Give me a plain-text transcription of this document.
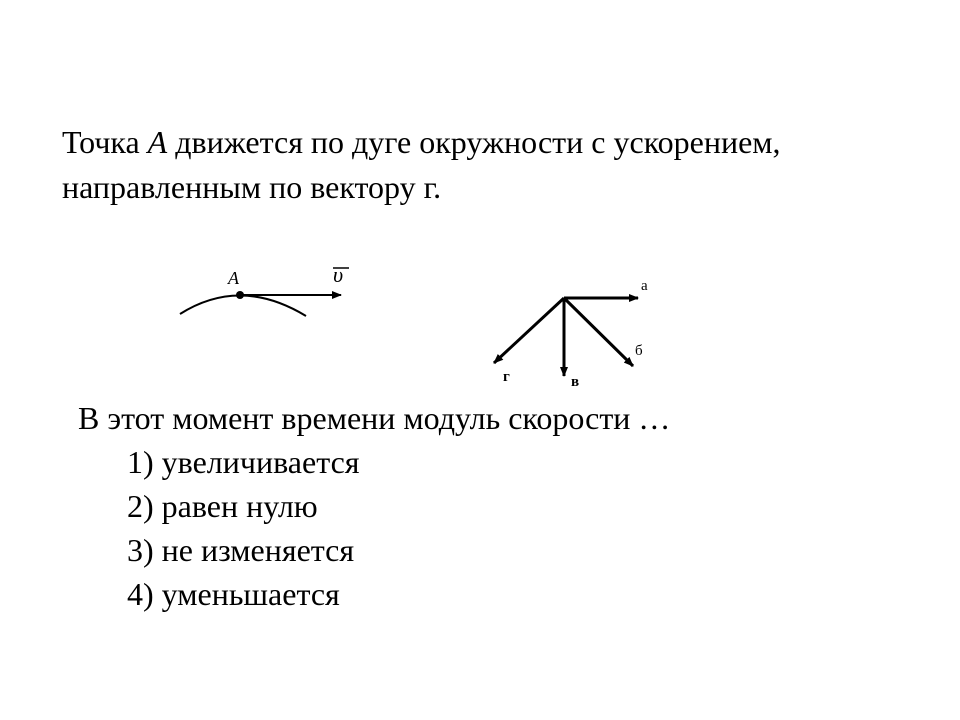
Точка A движется по дуге окружности с ускорением,
направленным по вектору г.

A	υ	а
б
в
г

В этот момент времени модуль скорости …

1) увеличивается
2) равен нулю
3) не изменяется
4) уменьшается
